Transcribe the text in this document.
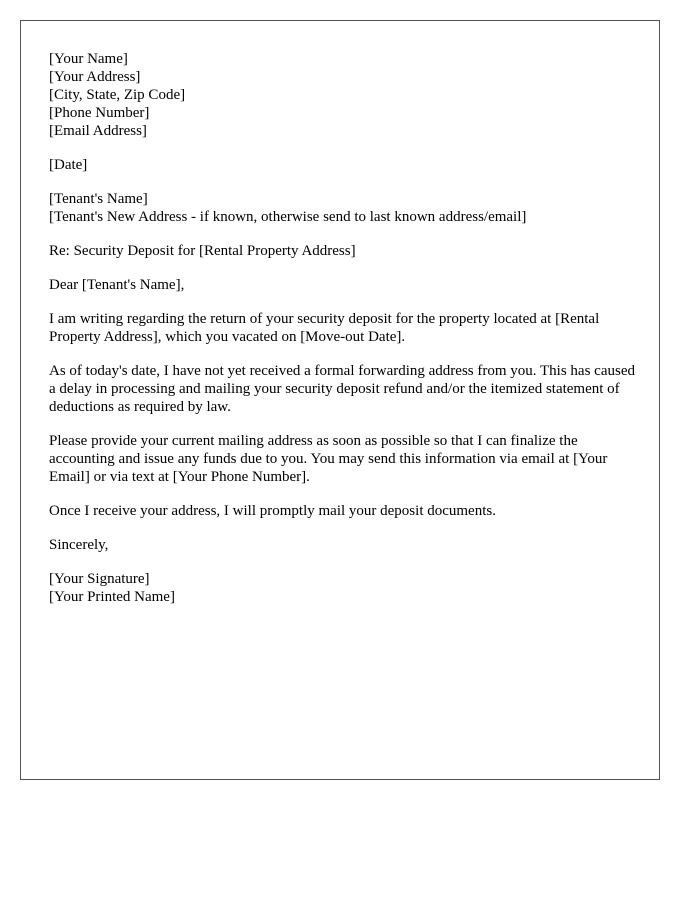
[Your Name]
[Your Address]
[City, State, Zip Code]
[Phone Number]
[Email Address]
[Date]
[Tenant's Name]
[Tenant's New Address - if known, otherwise send to last known address/email]
Re: Security Deposit for [Rental Property Address]
Dear [Tenant's Name],

I am writing regarding the return of your security deposit for the property located at [Rental Property Address], which you vacated on [Move-out Date].

As of today's date, I have not yet received a formal forwarding address from you. This has caused a delay in processing and mailing your security deposit refund and/or the itemized statement of deductions as required by law.

Please provide your current mailing address as soon as possible so that I can finalize the accounting and issue any funds due to you. You may send this information via email at [Your Email] or via text at [Your Phone Number].

Once I receive your address, I will promptly mail your deposit documents.

Sincerely,
[Your Signature]
[Your Printed Name]
